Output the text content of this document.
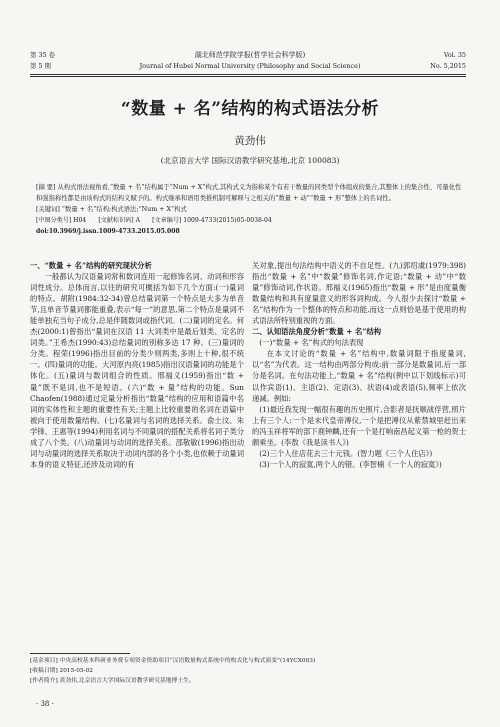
第 35 卷
第 5 期
湖北师范学院学报(哲学社会科学版)
Journal of Hubei Normal University (Philosophy and Social Science)
Vol. 35
No. 5,2015
“数量 + 名”结构的构式语法分析
黄劲伟
(北京语言大学 国际汉语教学研究基地,北京 100083)

[摘 要] 从构式语法视角看,“数量 + 名”结构属于“Num + X”构式,其构式义为指称某个有若干数量的同类型个体组成的集合,其整体上的集合性、可量化性和强指称性都是由该构式的结构义赋予的。构式继承和语用类推机制可解释与之相关的“数量 + 动”“数量 + 形”整体上的名词性。

[关键词] “数量 + 名”结构;构式语法;“Num + X”构式

[中图分类号] H04　　[文献标识码] A　　[文章编号] 1009-4733(2015)05-0038-04

doi:10.3969/j.issn.1009-4733.2015.05.008

一、“数量 + 名”结构的研究现状分析

一般都认为汉语量词常和数词连用一起修饰名词、动词和形容词性成分。总体而言,以往的研究可概括为如下几个方面:(一)量词的特点。胡附(1984:32-34)曾总结量词第一个特点是大多为单音节,且单音节量词都能重叠,表示“每一”的意思,第二个特点是量词不能单独充当句子成分,总是伴随数词或指代词。(二)量词的定名。何杰(2000:1)曾指出“量词在汉语 11 大词类中是最后划类、定名的词类。”王希杰(1990:43)总结量词的别称多达 17 种。(三)量词的分类。程荣(1996)指出目前的分类少则两类,多则上十种,很不统一。(四)量词的功能。大河原内亮(1985)指出汉语量词的功能是个体化。(五)量词与数词组合的性质。邢福义(1959)指出“数 + 量”既不是词,也不是短语。(六)“数 + 量”结构的功能。Sun Chaofen(1988)通过定量分析指出“数量”结构的应用和语篇中名词的实体性和主题的重要性有关;主题上比较重要的名词在语篇中被向于使用数量结构。(七)名量词与名词的选择关系。俞士汶、朱学锋、王惠等(1994)利用名词与不同量词的搭配关系将名词子类分成了八个类。(八)动量词与动词的选择关系。邵敬敏(1996)指出动词与动量词的选择关系取决于动词内部的各个小类,也依赖于动量词本身的语义特征,还涉及动词的有

关对象,提出句法结构中语义的不自足性。(九)郭绍虞(1979:398)指出“数量 + 名”中“数量”修饰名词,作定语;“数量 + 动”中“数量”修饰动词,作状语。邢福义(1965)指出“数量 + 形”是由度量衡数量结构和具有度量意义的形容词构成。今人很少去探讨“数量 + 名”结构作为一个整体的特点和功能,而这一点则恰是基于使用的构式语法所特别重视的方面。

二、认知语法角度分析“数量 + 名”结构

(一)“数量 + 名”构式的句法表现

在本文讨论的“数量 + 名”结构中,数量词限于指度量词,以“名”为代表。这一结构由两部分构成:前一部分是数量词,后一部分是名词。在句法功能上,“数量 + 名”结构(例中以下划线标示)可以作宾语(1)、主语(2)、定语(3)、状语(4)或表语(5),频率上依次递减。例如:

(1)最近我发现一幅很有趣的历史照片,合影者是抚顺战俘营,照片上有三个人:一个是末代皇帝溥仪,一个是把溥仪从紫禁城里赶出来的冯玉祥将军的部下鹿钟麟,还有一个是打响南昌起义第一枪的贺士颇乘坐。(李敖《我是读书人》)

(2)三个人住店花去三十元钱。(智力题《三个人住店》)

(3)一个人的寂寞,两个人的错。(李智楠《一个人的寂寞》)

[基金项目] 中央高校基本科研业务费专项资金资助项目“汉语数量构式系统中的构式化与构式演变”(14YCX003)

[收稿日期] 2015-05-02

[作者简介] 黄劲伟,北京语言大学国际汉语教学研究基地博士生。

· 38 ·
